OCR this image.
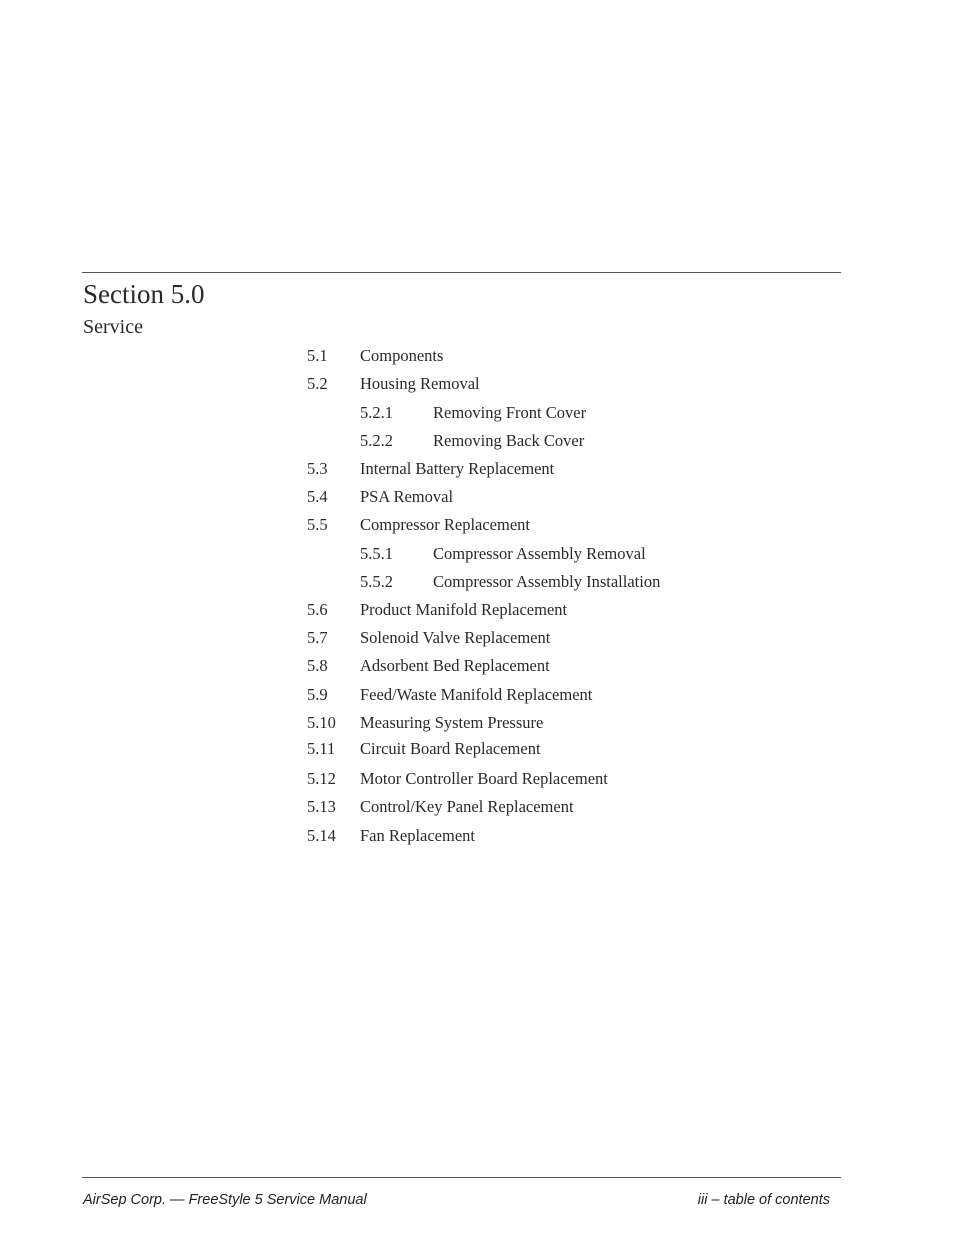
Section 5.0
Service
5.1 Components
5.2 Housing Removal
5.2.1 Removing Front Cover
5.2.2 Removing Back Cover
5.3 Internal Battery Replacement
5.4 PSA Removal
5.5 Compressor Replacement
5.5.1 Compressor Assembly Removal
5.5.2 Compressor Assembly Installation
5.6 Product Manifold Replacement
5.7 Solenoid Valve Replacement
5.8 Adsorbent Bed Replacement
5.9 Feed/Waste Manifold Replacement
5.10 Measuring System Pressure
5.11 Circuit Board Replacement
5.12 Motor Controller Board Replacement
5.13 Control/Key Panel Replacement
5.14 Fan Replacement
AirSep Corp. — FreeStyle 5 Service Manual	iii – table of contents
